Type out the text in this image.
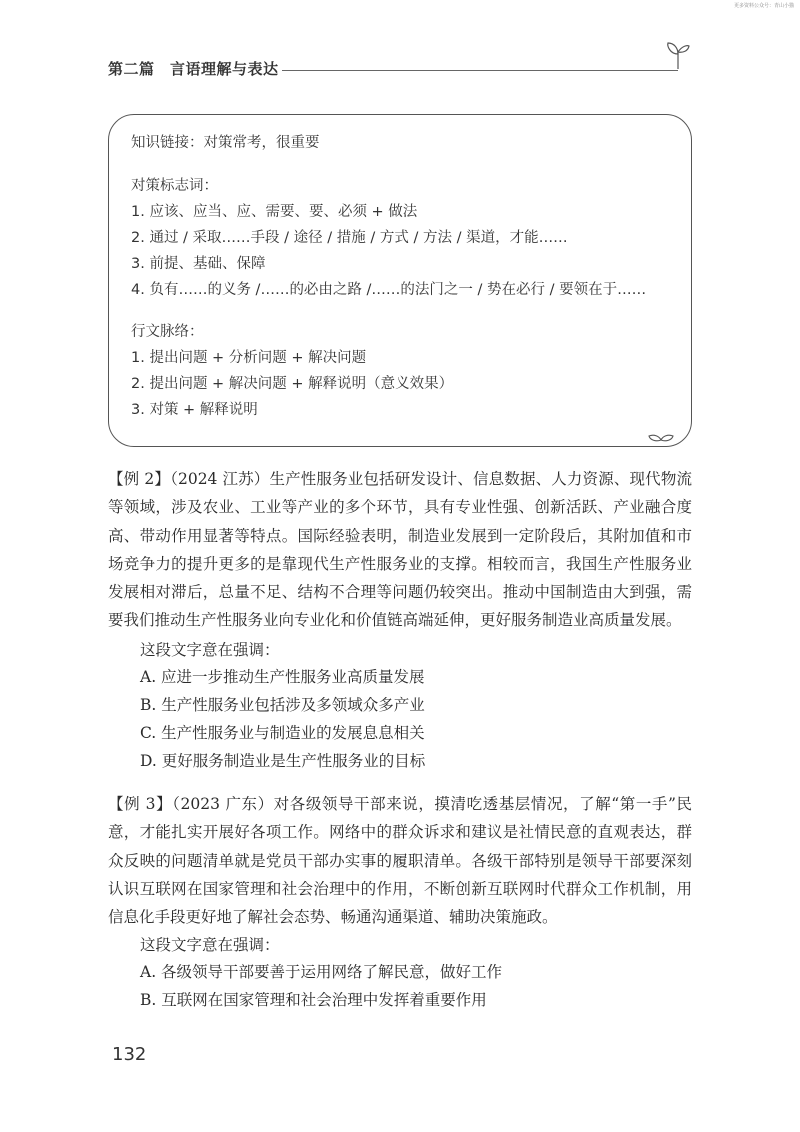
更多资料公众号：青山小猫
第二篇　言语理解与表达
知识链接：对策常考，很重要
对策标志词：
1. 应该、应当、应、需要、要、必须 + 做法
2. 通过 / 采取……手段 / 途径 / 措施 / 方式 / 方法 / 渠道，才能……
3. 前提、基础、保障
4. 负有……的义务 /……的必由之路 /……的法门之一 / 势在必行 / 要领在于……
行文脉络：
1. 提出问题 + 分析问题 + 解决问题
2. 提出问题 + 解决问题 + 解释说明（意义效果）
3. 对策 + 解释说明

【例 2】（2024 江苏）生产性服务业包括研发设计、信息数据、人力资源、现代物流等领域，涉及农业、工业等产业的多个环节，具有专业性强、创新活跃、产业融合度高、带动作用显著等特点。国际经验表明，制造业发展到一定阶段后，其附加值和市场竞争力的提升更多的是靠现代生产性服务业的支撑。相较而言，我国生产性服务业发展相对滞后，总量不足、结构不合理等问题仍较突出。推动中国制造由大到强，需要我们推动生产性服务业向专业化和价值链高端延伸，更好服务制造业高质量发展。

这段文字意在强调：
A. 应进一步推动生产性服务业高质量发展
B. 生产性服务业包括涉及多领域众多产业
C. 生产性服务业与制造业的发展息息相关
D. 更好服务制造业是生产性服务业的目标

【例 3】（2023 广东）对各级领导干部来说，摸清吃透基层情况，了解“第一手”民意，才能扎实开展好各项工作。网络中的群众诉求和建议是社情民意的直观表达，群众反映的问题清单就是党员干部办实事的履职清单。各级干部特别是领导干部要深刻认识互联网在国家管理和社会治理中的作用，不断创新互联网时代群众工作机制，用信息化手段更好地了解社会态势、畅通沟通渠道、辅助决策施政。

这段文字意在强调：
A. 各级领导干部要善于运用网络了解民意，做好工作
B. 互联网在国家管理和社会治理中发挥着重要作用
132
